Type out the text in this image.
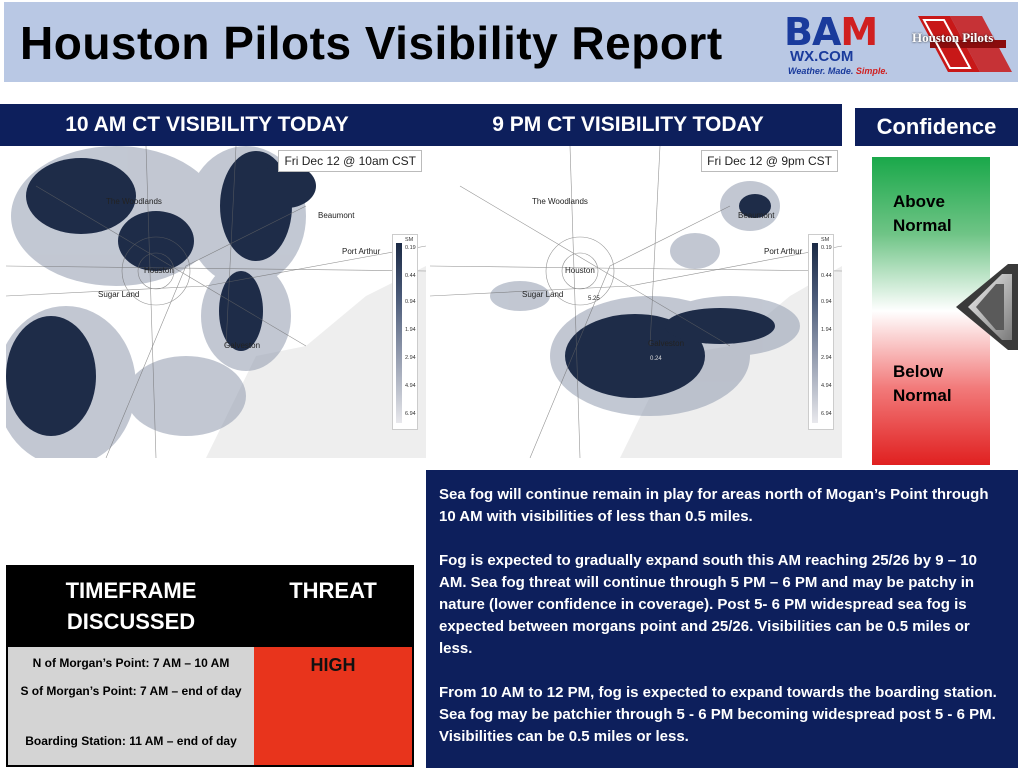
Houston Pilots Visibility Report BAM
WX.COM
Weather. Made. Simple.
Houston Pilots
10 AM CT VISIBILITY TODAY
The Woodlands
Beaumont
Port Arthur
Houston
Sugar Land
Galveston
Fri Dec 12 @ 10am CST
SM
0.19
0.44
0.94
1.94
2.94
4.94
6.94
9 PM CT VISIBILITY TODAY
The Woodlands
Beaumont
Port Arthur
Houston
Sugar Land
Galveston
5.25
0.24
Fri Dec 12 @ 9pm CST
SM
0.19
0.44
0.94
1.94
2.94
4.94
6.94
Confidence
Above
Normal
Below
Normal

Sea fog will continue remain in play for areas north of Mogan’s Point through 10 AM with visibilities of less than 0.5 miles.

Fog is expected to gradually expand south this AM reaching 25/26 by 9 – 10 AM. Sea fog threat will continue through 5 PM – 6 PM and may be patchy in nature (lower confidence in coverage). Post 5- 6 PM widespread sea fog is expected between morgans point and 25/26. Visibilities can be 0.5 miles or less.

From 10 AM to 12 PM, fog is expected to expand towards the boarding station. Sea fog may be patchier through 5 - 6 PM becoming widespread post 5 - 6 PM. Visibilities can be 0.5 miles or less.

TIMEFRAME
DISCUSSED
THREAT
N of Morgan’s Point: 7 AM – 10 AM
S of Morgan’s Point: 7 AM – end of day
Boarding Station: 11 AM – end of day
HIGH
